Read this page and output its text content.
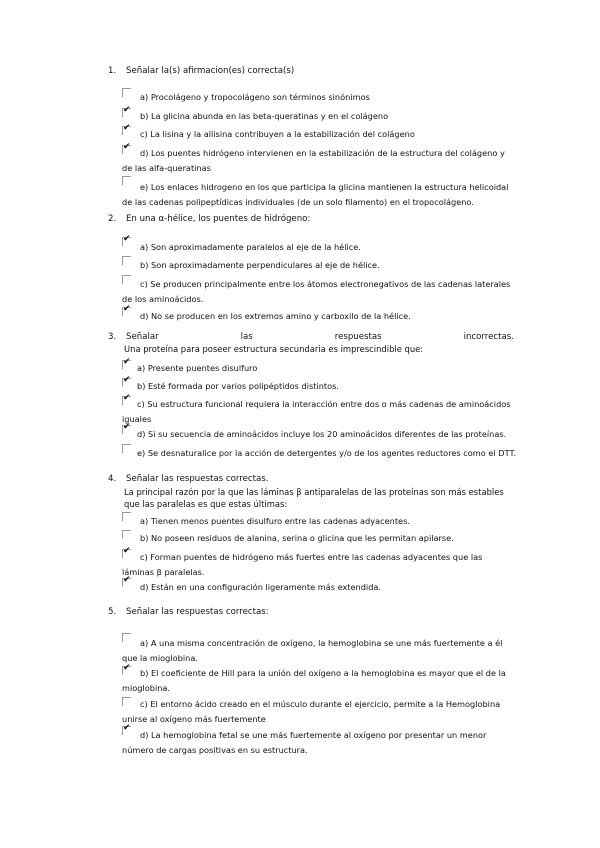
1. Señalar la(s) afirmacion(es) correcta(s)
a) Procolágeno y tropocolágeno son términos sinónimos
✔
b) La glicina abunda en las beta-queratinas y en el colágeno
✔
c) La lisina y la allisina contribuyen a la estabilización del colágeno
✔
d) Los puentes hidrógeno intervienen en la estabilización de la estructura del colágeno y de las alfa-queratinas
e) Los enlaces hidrogeno en los que participa la glicina mantienen la estructura helicoidal de las cadenas polipeptídicas individuales (de un solo filamento) en el tropocolágeno.
2. En una α-hélice, los puentes de hidrógeno:
✔
a) Son aproximadamente paralelos al eje de la hélice.
b) Son aproximadamente perpendiculares al eje de hélice.
c) Se producen principalmente entre los átomos electronegativos de las cadenas laterales de los aminoácidos.
✔
d) No se producen en los extremos amino y carboxilo de la hélice.
3. Señalar las respuestas incorrectas.
Una proteína para poseer estructura secundaria es imprescindible que:
✔
a) Presente puentes disulfuro
✔
b) Esté formada por varios polipéptidos distintos.
✔
c) Su estructura funcional requiera la interacción entre dos o más cadenas de aminoácidos iguales
✔
d) Si su secuencia de aminoácidos incluye los 20 aminoácidos diferentes de las proteínas.
e) Se desnaturalice por la acción de detergentes y/o de los agentes reductores como el DTT.
4. Señalar las respuestas correctas.
La principal razón por la que las láminas β antiparalelas de las proteínas son más estables que las paralelas es que estas últimas:
a) Tienen menos puentes disulfuro entre las cadenas adyacentes.
b) No poseen residuos de alanina, serina o glicina que les permitan apilarse.
✔
c) Forman puentes de hidrógeno más fuertes entre las cadenas adyacentes que las láminas β paralelas.
✔
d) Están en una configuración ligeramente más extendida.
5. Señalar las respuestas correctas:
a) A una misma concentración de oxígeno, la hemoglobina se une más fuertemente a él que la mioglobina.
✔
b) El coeficiente de Hill para la unión del oxígeno a la hemoglobina es mayor que el de la mioglobina.
c) El entorno ácido creado en el músculo durante el ejercicio, permite a la Hemoglobina unirse al oxígeno más fuertemente
✔
d) La hemoglobina fetal se une más fuertemente al oxígeno por presentar un menor número de cargas positivas en su estructura.
